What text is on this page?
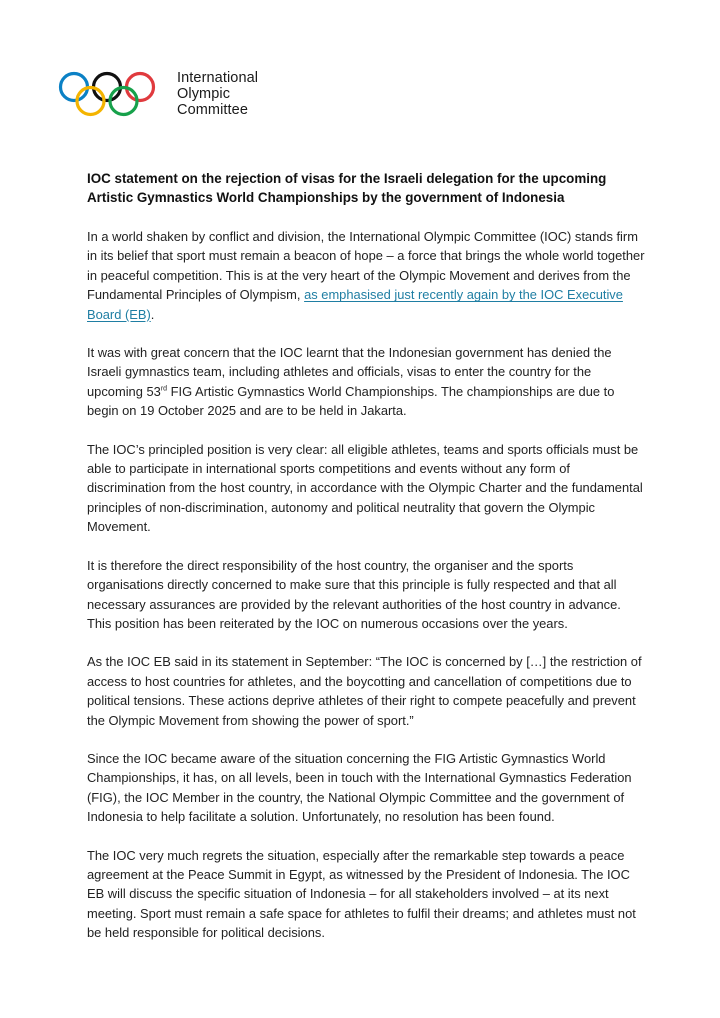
International
Olympic
Committee
IOC statement on the rejection of visas for the Israeli delegation for the upcoming Artistic Gymnastics World Championships by the government of Indonesia

In a world shaken by conflict and division, the International Olympic Committee (IOC) stands firm in its belief that sport must remain a beacon of hope – a force that brings the whole world together in peaceful competition. This is at the very heart of the Olympic Movement and derives from the Fundamental Principles of Olympism, as emphasised just recently again by the IOC Executive Board (EB).

It was with great concern that the IOC learnt that the Indonesian government has denied the Israeli gymnastics team, including athletes and officials, visas to enter the country for the upcoming 53rd FIG Artistic Gymnastics World Championships. The championships are due to begin on 19 October 2025 and are to be held in Jakarta.

The IOC’s principled position is very clear: all eligible athletes, teams and sports officials must be able to participate in international sports competitions and events without any form of discrimination from the host country, in accordance with the Olympic Charter and the fundamental principles of non-discrimination, autonomy and political neutrality that govern the Olympic Movement.

It is therefore the direct responsibility of the host country, the organiser and the sports organisations directly concerned to make sure that this principle is fully respected and that all necessary assurances are provided by the relevant authorities of the host country in advance. This position has been reiterated by the IOC on numerous occasions over the years.

As the IOC EB said in its statement in September: “The IOC is concerned by […] the restriction of access to host countries for athletes, and the boycotting and cancellation of competitions due to political tensions. These actions deprive athletes of their right to compete peacefully and prevent the Olympic Movement from showing the power of sport.”

Since the IOC became aware of the situation concerning the FIG Artistic Gymnastics World Championships, it has, on all levels, been in touch with the International Gymnastics Federation (FIG), the IOC Member in the country, the National Olympic Committee and the government of Indonesia to help facilitate a solution. Unfortunately, no resolution has been found.

The IOC very much regrets the situation, especially after the remarkable step towards a peace agreement at the Peace Summit in Egypt, as witnessed by the President of Indonesia. The IOC EB will discuss the specific situation of Indonesia – for all stakeholders involved – at its next meeting. Sport must remain a safe space for athletes to fulfil their dreams; and athletes must not be held responsible for political decisions.
